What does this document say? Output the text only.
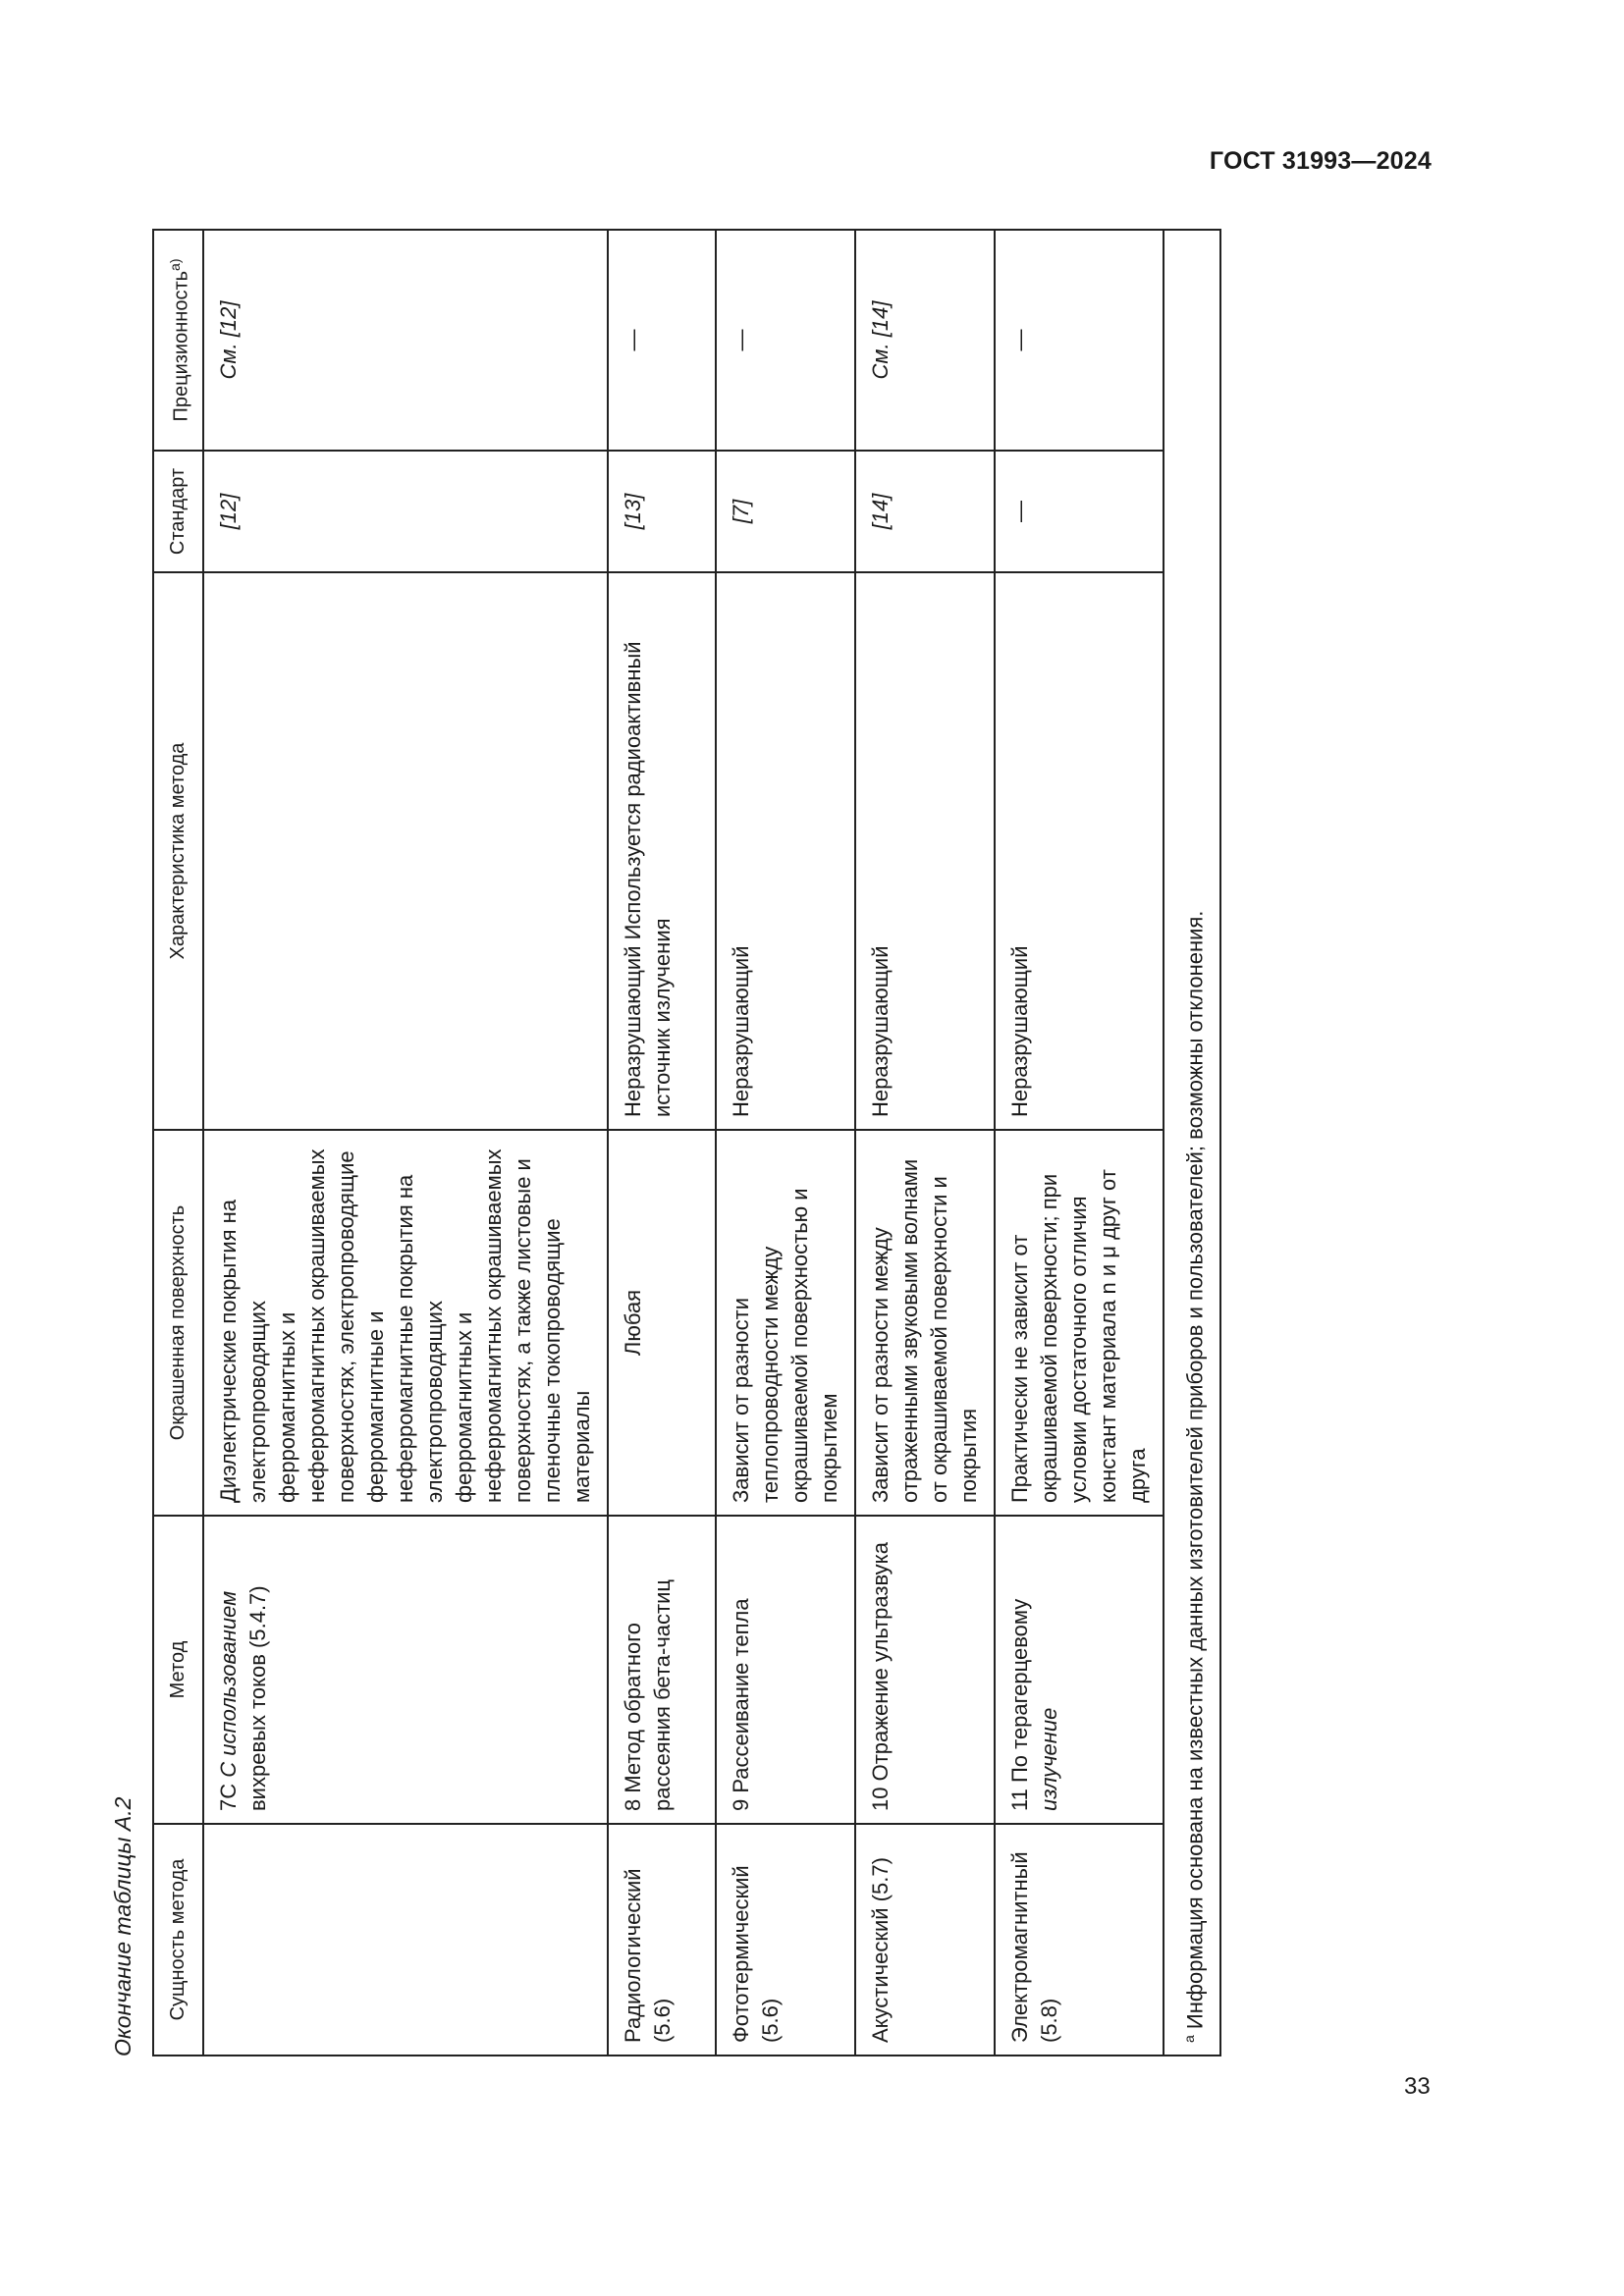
ГОСТ 31993—2024
33
Окончание таблицы А.2	Сущность метода	Метод	Окрашенная поверхность	Характеристика метода	Стандарт	Прецизионность$^{а)}$
	7С С использованием вихревых токов (5.4.7)	Диэлектрические покрытия на электропроводящих ферромагнитных и неферромагнитных окрашиваемых поверхностях, электропроводящие ферромагнитные и неферромагнитные покрытия на электропроводящих ферромагнитных и неферромагнитных окрашиваемых поверхностях, а также листовые и пленочные токопроводящие материалы		[12]	См. [12]
Радиологический (5.6)	8 Метод обратного рассеяния бета-частиц	Любая	Неразрушающий Используется радиоактивный источник излучения	[13]	—
Фототермический (5.6)	9 Рассеивание тепла	Зависит от разности теплопроводности между окрашиваемой поверхностью и покрытием	Неразрушающий	[7]	—
Акустический (5.7)	10 Отражение ультразвука	Зависит от разности между отраженными звуковыми волнами от окрашиваемой поверхности и покрытия	Неразрушающий	[14]	См. [14]
Электромагнитный (5.8)	11 По терагерцевому излучение	Практически не зависит от окрашиваемой поверхности; при условии достаточного отличия констант материала n и μ друг от друга	Неразрушающий	—	—
$^а$ Информация основана на известных данных изготовителей приборов и пользователей; возможны отклонения.					
